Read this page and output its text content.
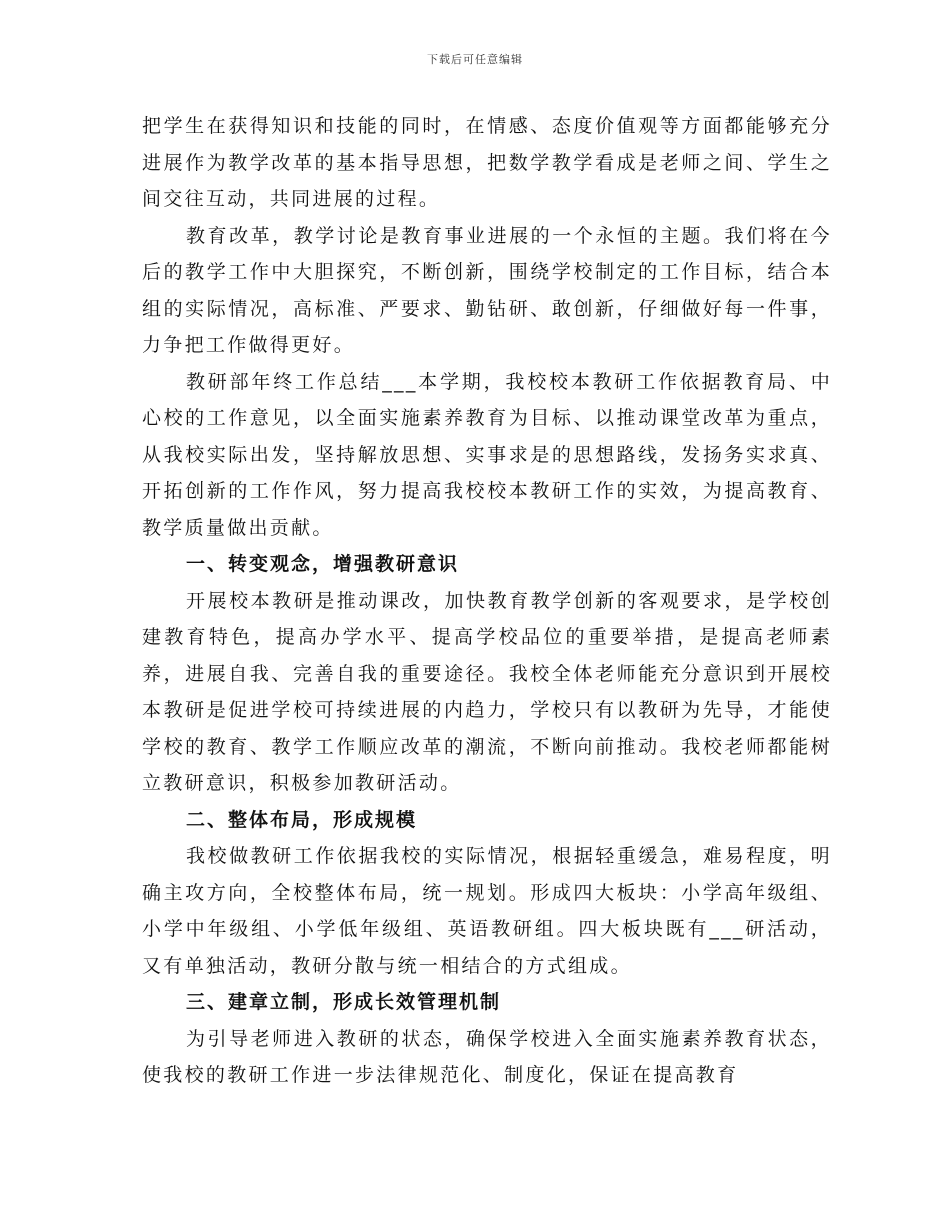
下载后可任意编辑

把学生在获得知识和技能的同时，在情感、态度价值观等方面都能够充分进展作为教学改革的基本指导思想，把数学教学看成是老师之间、学生之间交往互动，共同进展的过程。

教育改革，教学讨论是教育事业进展的一个永恒的主题。我们将在今后的教学工作中大胆探究，不断创新，围绕学校制定的工作目标，结合本组的实际情况，高标准、严要求、勤钻研、敢创新，仔细做好每一件事，力争把工作做得更好。

教研部年终工作总结___本学期，我校校本教研工作依据教育局、中心校的工作意见，以全面实施素养教育为目标、以推动课堂改革为重点，从我校实际出发，坚持解放思想、实事求是的思想路线，发扬务实求真、开拓创新的工作作风，努力提高我校校本教研工作的实效，为提高教育、教学质量做出贡献。

一、转变观念，增强教研意识

开展校本教研是推动课改，加快教育教学创新的客观要求，是学校创建教育特色，提高办学水平、提高学校品位的重要举措，是提高老师素养，进展自我、完善自我的重要途径。我校全体老师能充分意识到开展校本教研是促进学校可持续进展的内趋力，学校只有以教研为先导，才能使学校的教育、教学工作顺应改革的潮流，不断向前推动。我校老师都能树立教研意识，积极参加教研活动。

二、整体布局，形成规模

我校做教研工作依据我校的实际情况，根据轻重缓急，难易程度，明确主攻方向，全校整体布局，统一规划。形成四大板块：小学高年级组、小学中年级组、小学低年级组、英语教研组。四大板块既有___研活动，又有单独活动，教研分散与统一相结合的方式组成。

三、建章立制，形成长效管理机制

为引导老师进入教研的状态，确保学校进入全面实施素养教育状态，使我校的教研工作进一步法律规范化、制度化，保证在提高教育
